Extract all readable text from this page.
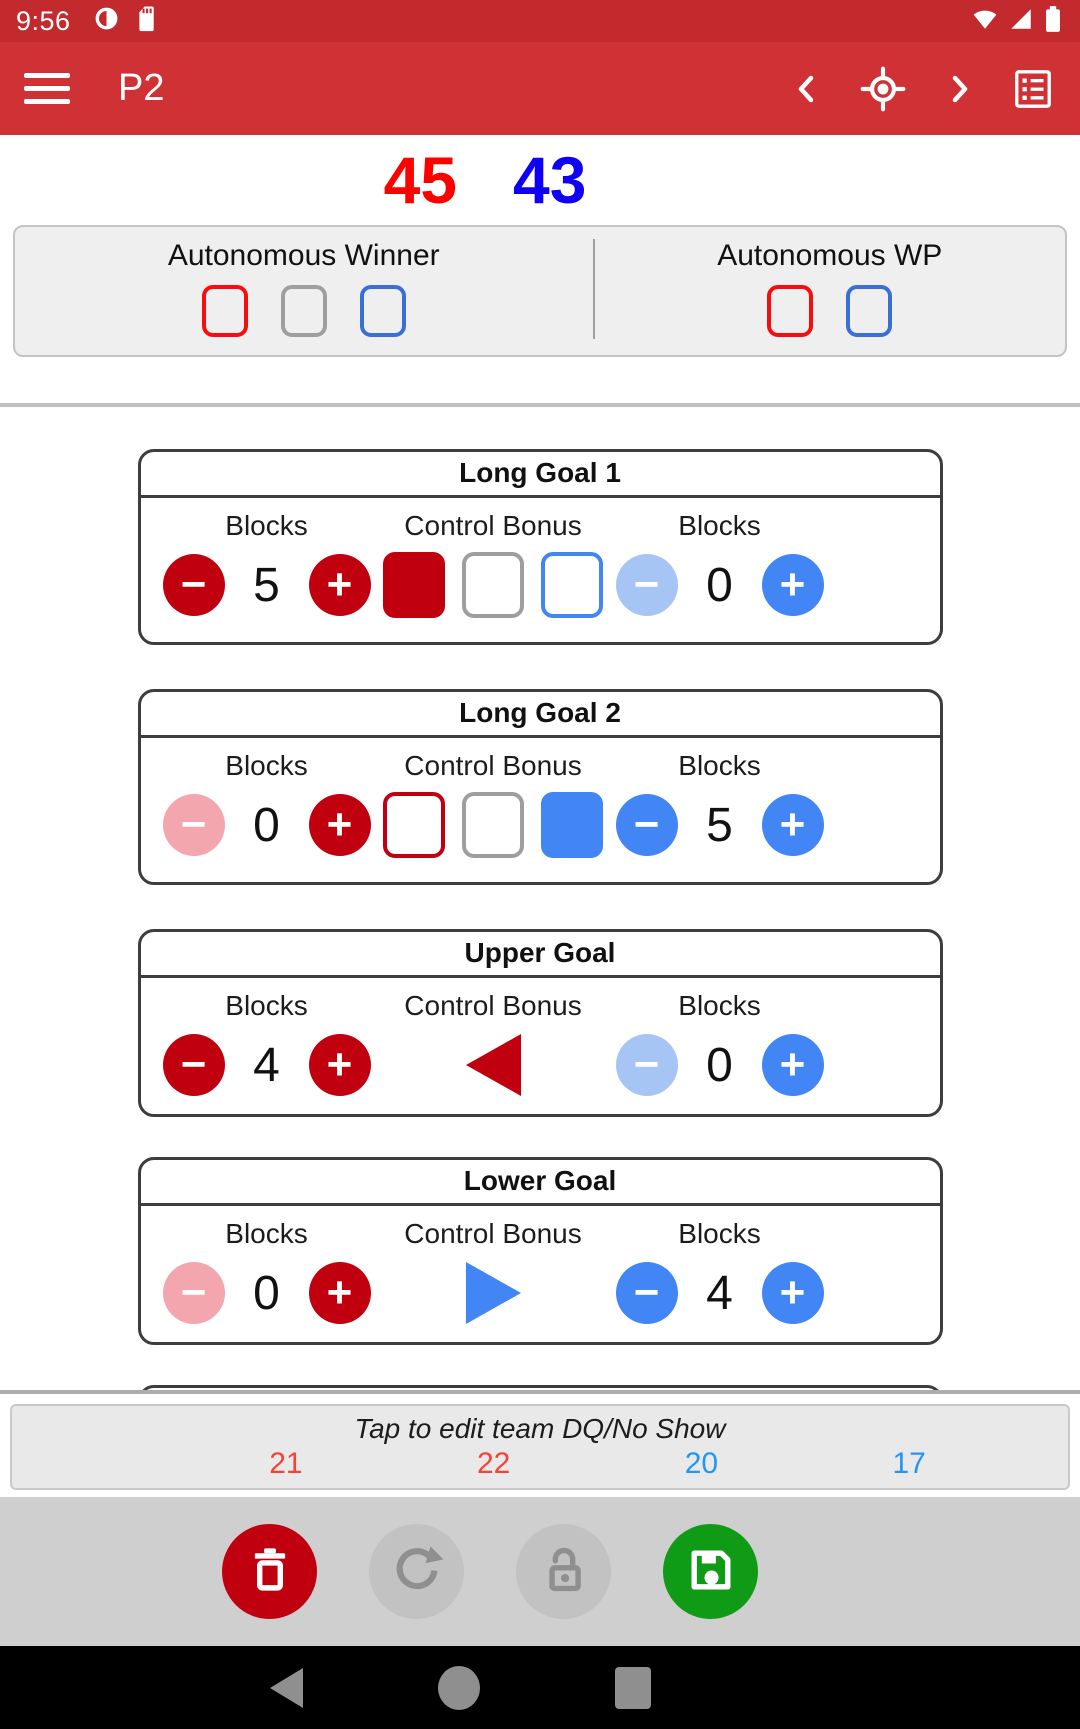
9:56
P2
45 43
Autonomous Winner	Autonomous WP
Long Goal 1
Blocks
5
Control Bonus	Blocks
0
Long Goal 2
Blocks
0
Control Bonus	Blocks
5
Upper Goal
Blocks
4
Control Bonus	Blocks
0
Lower Goal
Blocks
0
Control Bonus	Blocks
4
Tap to edit team DQ/No Show
21	22	20	17
